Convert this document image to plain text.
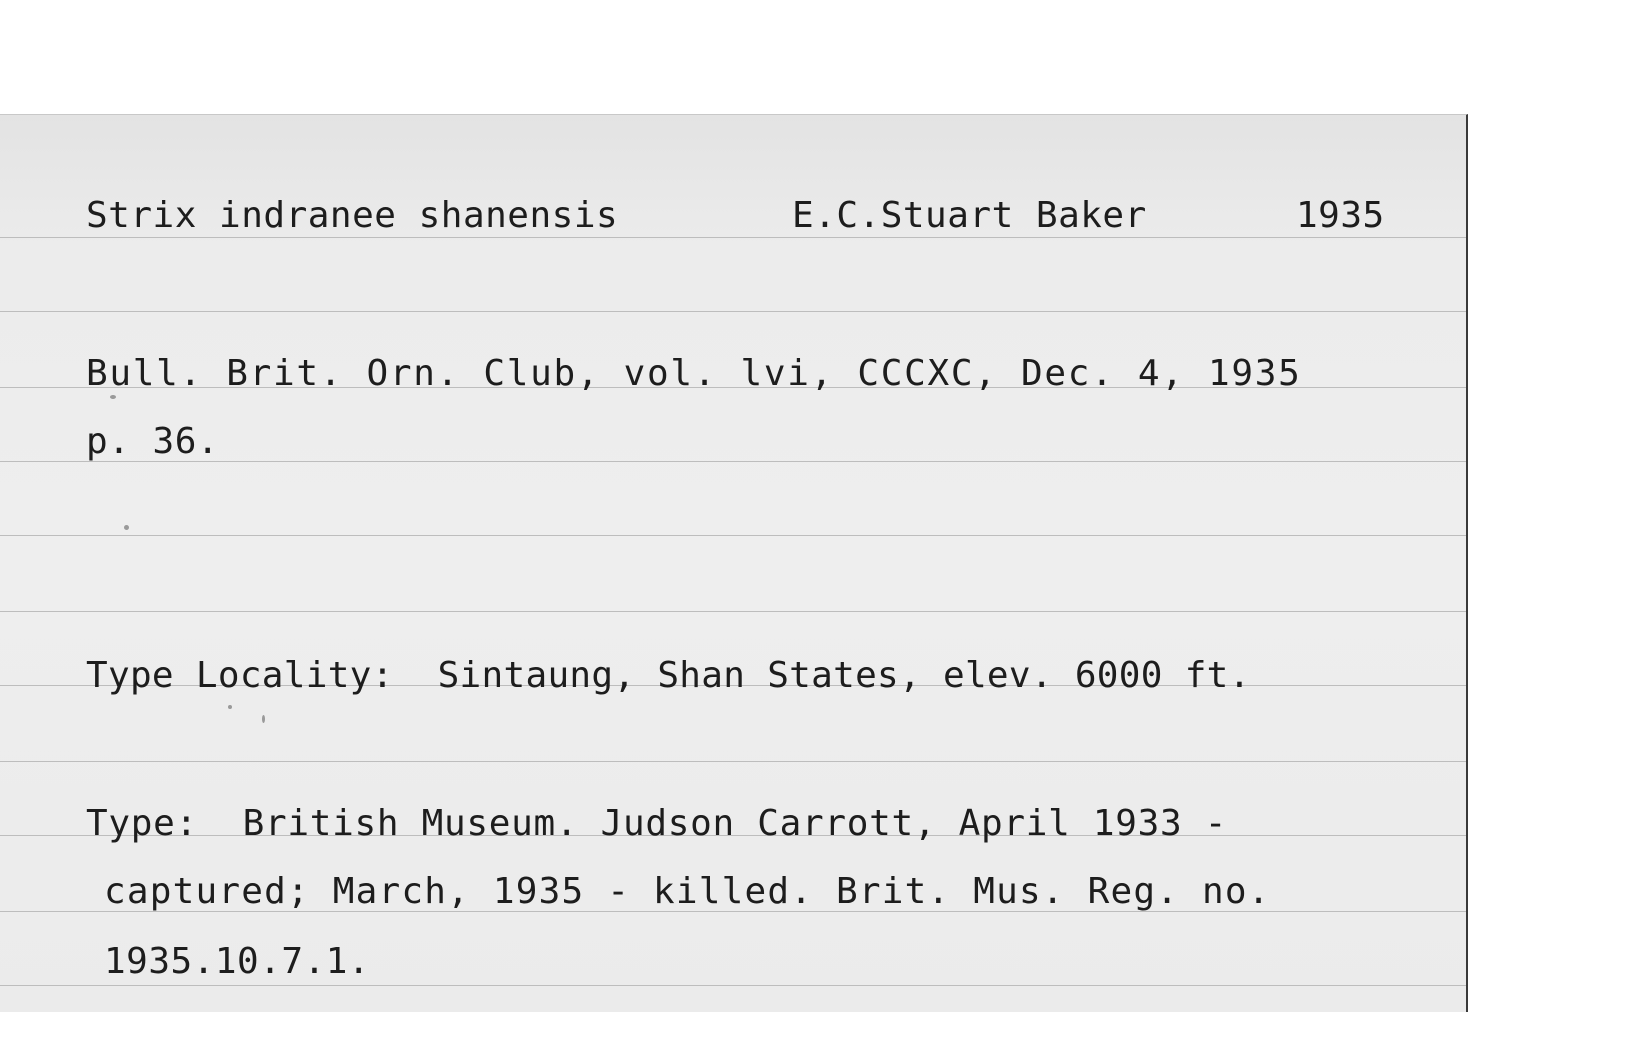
Strix indranee shanensis	E.C.Stuart Baker	1935
Bull. Brit. Orn. Club, vol. lvi, CCCXC, Dec. 4, 1935
p. 36.
Type Locality:  Sintaung, Shan States, elev. 6000 ft.
Type:  British Museum. Judson Carrott, April 1933 -
captured; March, 1935 - killed. Brit. Mus. Reg. no.
1935.10.7.1.
